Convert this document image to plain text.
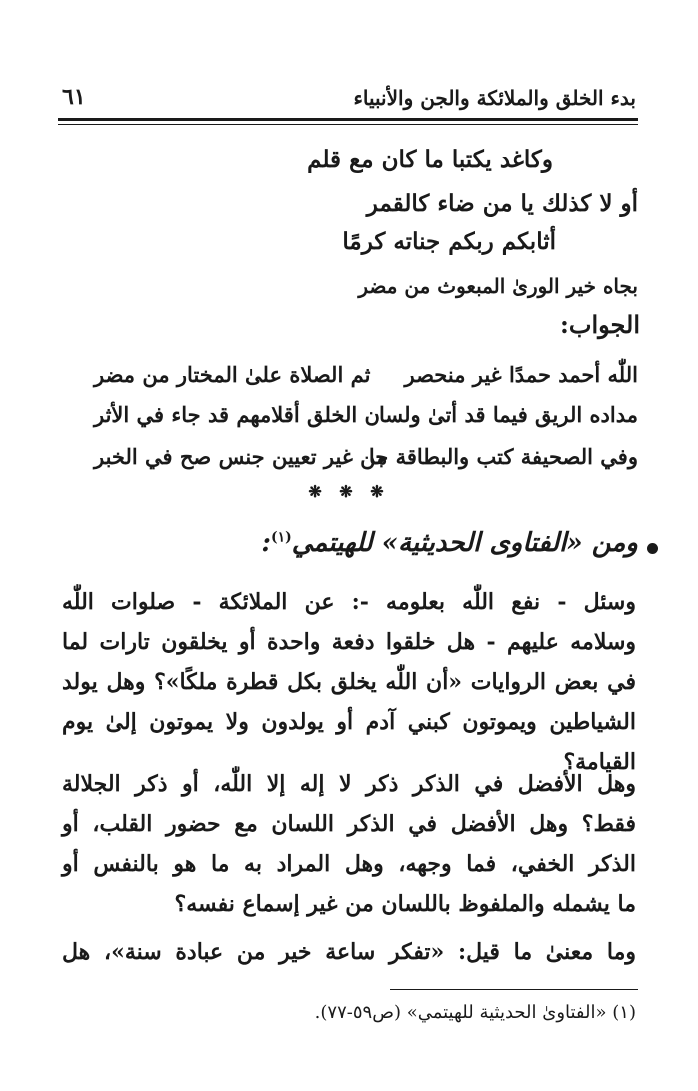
بدء الخلق والملائكة والجن والأنبياء
٦١
وكاغد يكتبا ما كان مع قلم
أو لا كذلك يا من ضاء كالقمر
أثابكم ربكم جناته كرمًا
بجاه خير الورىٰ المبعوث من مضر
الجواب:
اللّٰه أحمد حمدًا غير منحصر
ثم الصلاة علىٰ المختار من مضر
مداده الريق فيما قد أتىٰ ولسا
ن الخلق أقلامهم قد جاء في الأثر
وفي الصحيفة كتب والبطاقة جا
من غير تعيين جنس صح في الخبر
❋ ❋ ❋
ومن «الفتاوى الحديثية» للهيتمي$^{(١)}$:
وسئل - نفع اللّٰه بعلومه -: عن الملائكة - صلوات اللّٰه
وسلامه عليهم - هل خلقوا دفعة واحدة أو يخلقون تارات لما
في بعض الروايات «أن اللّٰه يخلق بكل قطرة ملكًا»؟ وهل يولد
الشياطين ويموتون كبني آدم أو يولدون ولا يموتون إلىٰ يوم
القيامة؟
وهل الأفضل في الذكر ذكر لا إله إلا اللّٰه، أو ذكر الجلالة
فقط؟ وهل الأفضل في الذكر اللسان مع حضور القلب، أو
الذكر الخفي، فما وجهه، وهل المراد به ما هو بالنفس أو
ما يشمله والملفوظ باللسان من غير إسماع نفسه؟
وما معنىٰ ما قيل: «تفكر ساعة خير من عبادة سنة»، هل
(١) «الفتاوىٰ الحديثية للهيتمي» (ص٥٩-٧٧).
